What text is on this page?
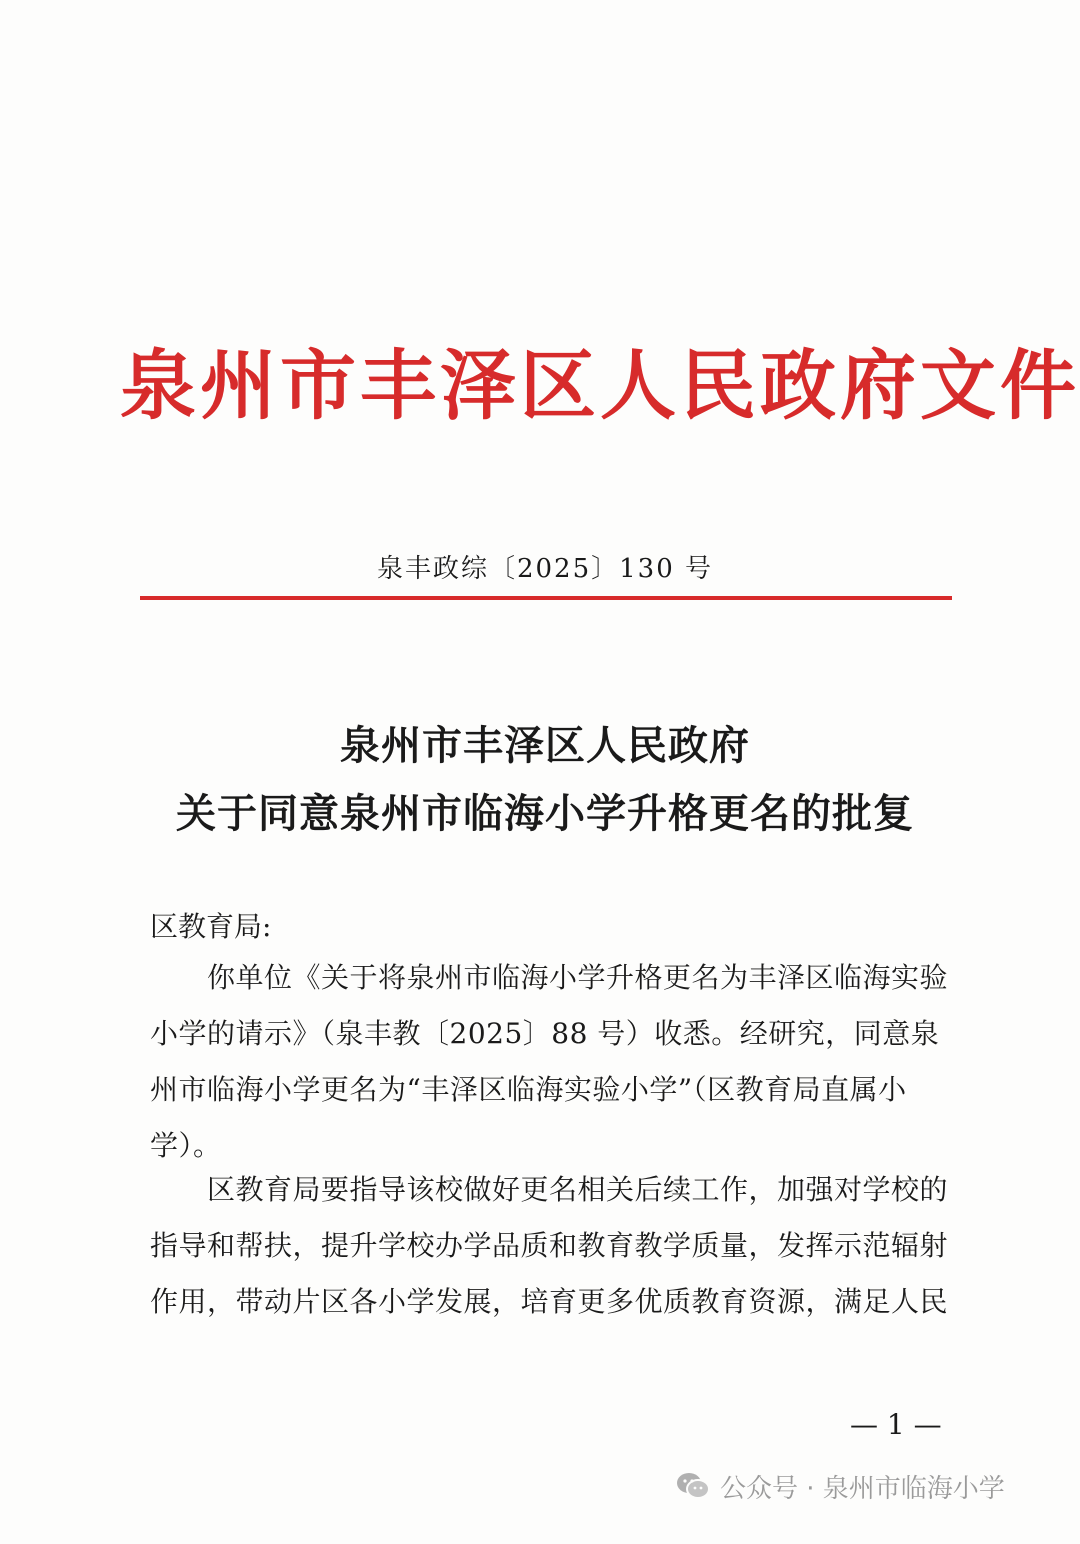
泉州市丰泽区人民政府文件
泉丰政综〔2025〕130 号
泉州市丰泽区人民政府
关于同意泉州市临海小学升格更名的批复
区教育局:
　　你单位《关于将泉州市临海小学升格更名为丰泽区临海实验
小学的请示》（泉丰教〔2025〕88 号）收悉。经研究，同意泉
州市临海小学更名为“丰泽区临海实验小学”（区教育局直属小
学）。
　　区教育局要指导该校做好更名相关后续工作，加强对学校的
指导和帮扶，提升学校办学品质和教育教学质量，发挥示范辐射
作用，带动片区各小学发展，培育更多优质教育资源，满足人民
— 1 —
公众号 · 泉州市临海小学
